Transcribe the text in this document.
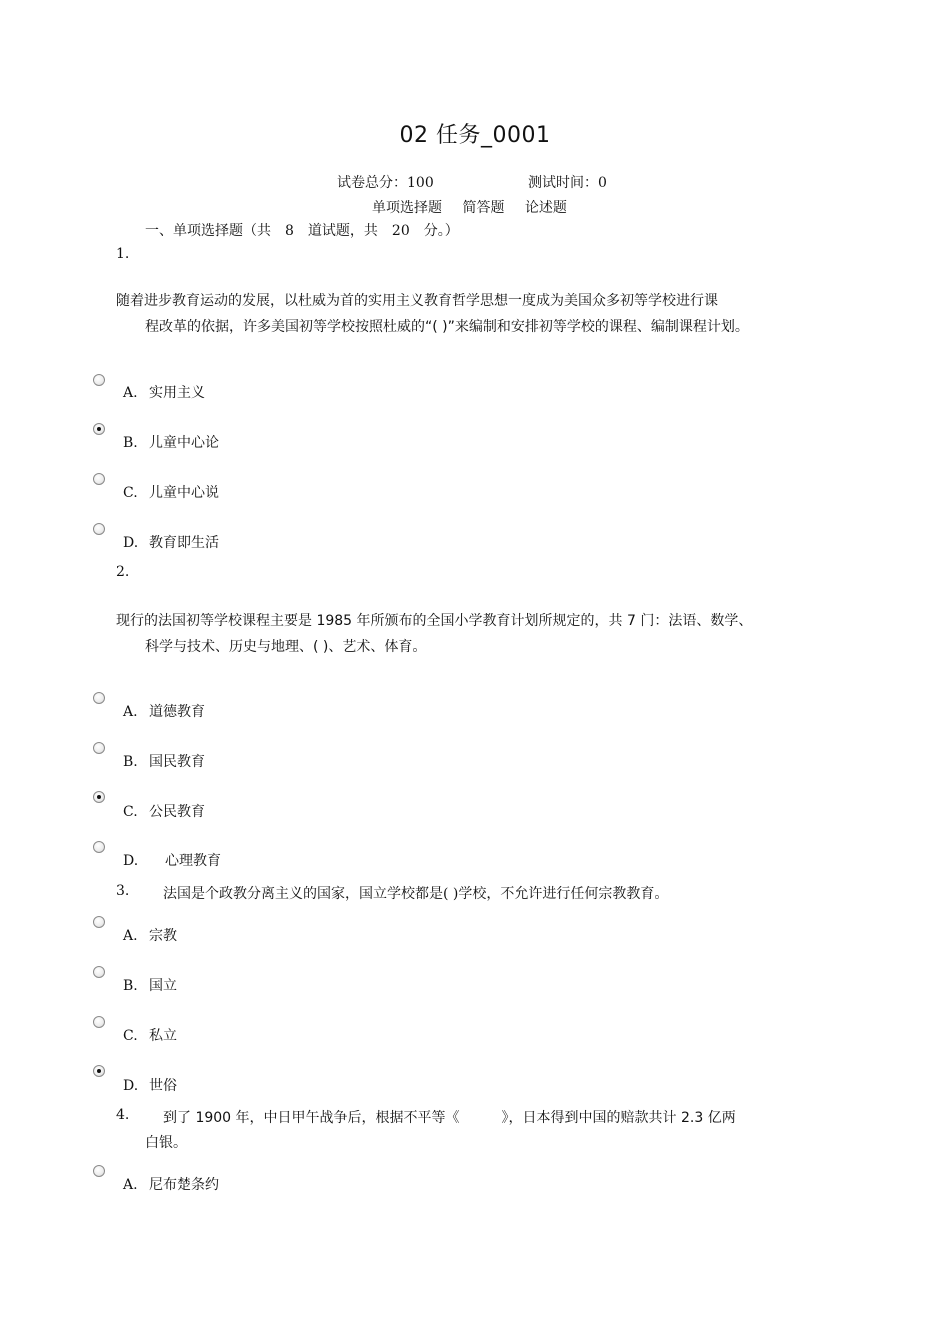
02 任务_0001
试卷总分：100	测试时间：0
单项选择题 简答题 论述题
一、单项选择题（共　8　道试题，共　20　分。）
1.
随着进步教育运动的发展，以杜威为首的实用主义教育哲学思想一度成为美国众多初等学校进行课
程改革的依据，许多美国初等学校按照杜威的“( )”来编制和安排初等学校的课程、编制课程计划。
A. 实用主义
B. 儿童中心论
C. 儿童中心说
D. 教育即生活
2.
现行的法国初等学校课程主要是 1985 年所颁布的全国小学教育计划所规定的，共 7 门：法语、数学、
科学与技术、历史与地理、( )、艺术、体育。
A. 道德教育
B. 国民教育
C. 公民教育
D. 心理教育
3. 法国是个政教分离主义的国家，国立学校都是( )学校，不允许进行任何宗教教育。
A. 宗教
B. 国立
C. 私立
D. 世俗
4. 到了 1900 年，中日甲午战争后，根据不平等《　　　》，日本得到中国的赔款共计 2.3 亿两
白银。
A. 尼布楚条约
